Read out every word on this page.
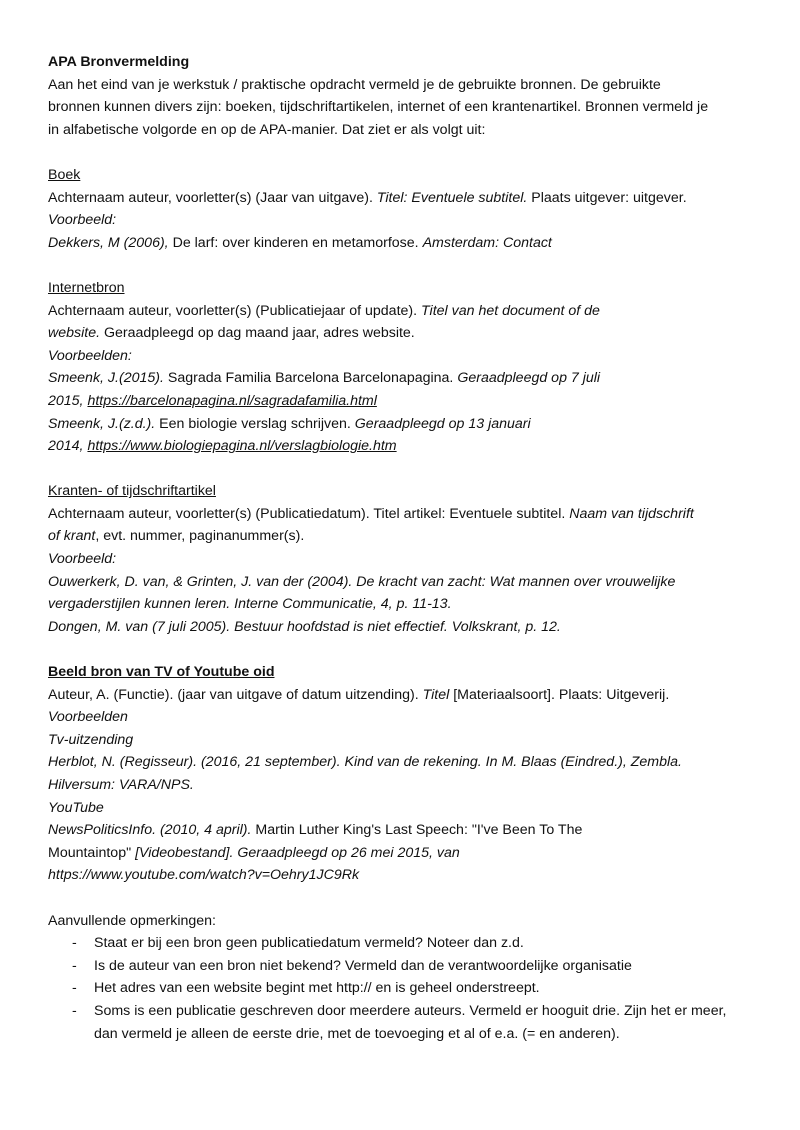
APA Bronvermelding
Aan het eind van je werkstuk / praktische opdracht vermeld je de gebruikte bronnen. De gebruikte
bronnen kunnen divers zijn: boeken, tijdschriftartikelen, internet of een krantenartikel. Bronnen vermeld je
in alfabetische volgorde en op de APA-manier. Dat ziet er als volgt uit:
Boek
Achternaam auteur, voorletter(s) (Jaar van uitgave). Titel: Eventuele subtitel. Plaats uitgever: uitgever.
Voorbeeld:
Dekkers, M (2006), De larf: over kinderen en metamorfose. Amsterdam: Contact
Internetbron
Achternaam auteur, voorletter(s) (Publicatiejaar of update). Titel van het document of de
website. Geraadpleegd op dag maand jaar, adres website.
Voorbeelden:
Smeenk, J.(2015). Sagrada Familia Barcelona Barcelonapagina. Geraadpleegd op 7 juli
2015, https://barcelonapagina.nl/sagradafamilia.html
Smeenk, J.(z.d.). Een biologie verslag schrijven. Geraadpleegd op 13 januari
2014, https://www.biologiepagina.nl/verslagbiologie.htm
Kranten- of tijdschriftartikel
Achternaam auteur, voorletter(s) (Publicatiedatum). Titel artikel: Eventuele subtitel. Naam van tijdschrift
of krant, evt. nummer, paginanummer(s).
Voorbeeld:
Ouwerkerk, D. van, & Grinten, J. van der (2004). De kracht van zacht: Wat mannen over vrouwelijke
vergaderstijlen kunnen leren. Interne Communicatie, 4, p. 11-13.
Dongen, M. van (7 juli 2005). Bestuur hoofdstad is niet effectief. Volkskrant, p. 12.
Beeld bron van TV of Youtube oid
Auteur, A. (Functie). (jaar van uitgave of datum uitzending). Titel [Materiaalsoort]. Plaats: Uitgeverij.
Voorbeelden
Tv-uitzending
Herblot, N. (Regisseur). (2016, 21 september). Kind van de rekening. In M. Blaas (Eindred.), Zembla.
Hilversum: VARA/NPS.
YouTube
NewsPoliticsInfo. (2010, 4 april). Martin Luther King's Last Speech: "I've Been To The
Mountaintop" [Videobestand]. Geraadpleegd op 26 mei 2015, van
https://www.youtube.com/watch?v=Oehry1JC9Rk
Aanvullende opmerkingen:
- Staat er bij een bron geen publicatiedatum vermeld? Noteer dan z.d.
- Is de auteur van een bron niet bekend? Vermeld dan de verantwoordelijke organisatie
- Het adres van een website begint met http:// en is geheel onderstreept.
- Soms is een publicatie geschreven door meerdere auteurs. Vermeld er hooguit drie. Zijn het er meer, dan vermeld je alleen de eerste drie, met de toevoeging et al of e.a. (= en anderen).
